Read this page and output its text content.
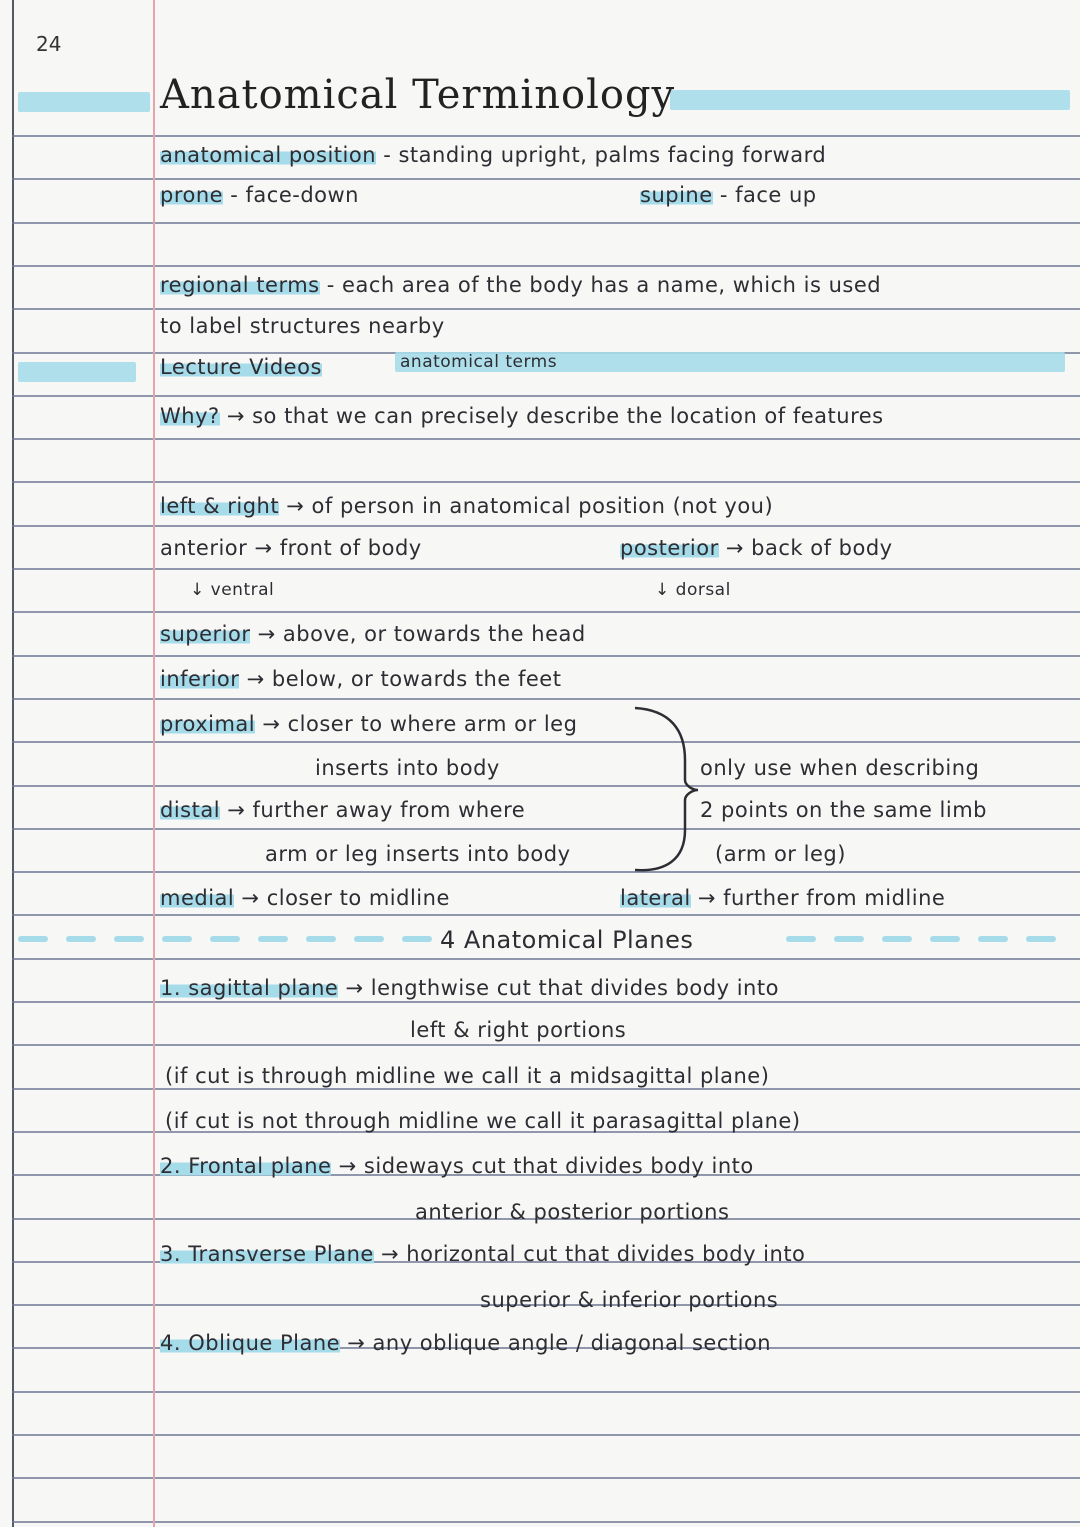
24
Anatomical Terminology
anatomical position - standing upright, palms facing forward
prone - face-down	supine - face up
regional terms - each area of the body has a name, which is used
to label structures nearby
Lecture Videos	anatomical terms
Why? → so that we can precisely describe the location of features
left & right → of person in anatomical position (not you)
anterior → front of body	posterior → back of body
↓ ventral	↓ dorsal
superior → above, or towards the head
inferior → below, or towards the feet
proximal → closer to where arm or leg
inserts into body
distal → further away from where
arm or leg inserts into body
only use when describing
2 points on the same limb
(arm or leg)
medial → closer to midline	lateral → further from midline
4 Anatomical Planes
1. sagittal plane → lengthwise cut that divides body into
left & right portions
(if cut is through midline we call it a midsagittal plane)
(if cut is not through midline we call it parasagittal plane)
2. Frontal plane → sideways cut that divides body into
anterior & posterior portions
3. Transverse Plane → horizontal cut that divides body into
superior & inferior portions
4. Oblique Plane → any oblique angle / diagonal section
